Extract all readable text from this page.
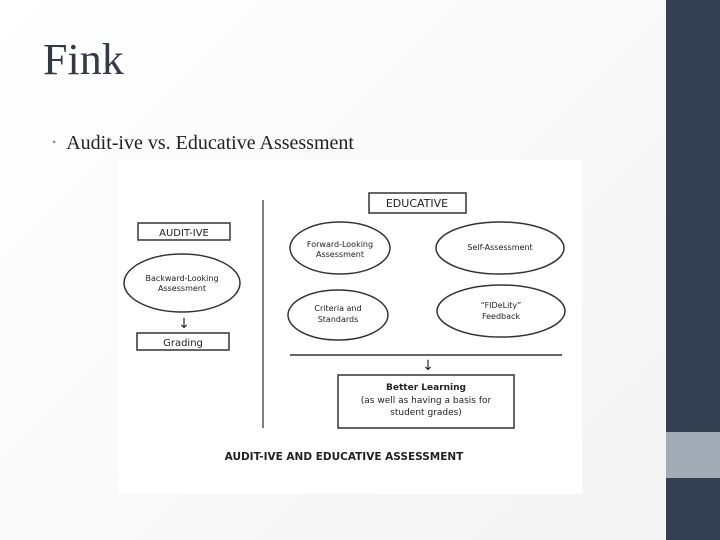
Fink
• Audit-ive vs. Educative Assessment
EDUCATIVE
AUDIT-IVE
Backward-Looking
Assessment
↓
Grading
Forward-Looking
Assessment
Self-Assessment
Criteria and
Standards
“FIDeLity”
Feedback
↓
Better Learning
(as well as having a basis for
student grades)
AUDIT-IVE AND EDUCATIVE ASSESSMENT
